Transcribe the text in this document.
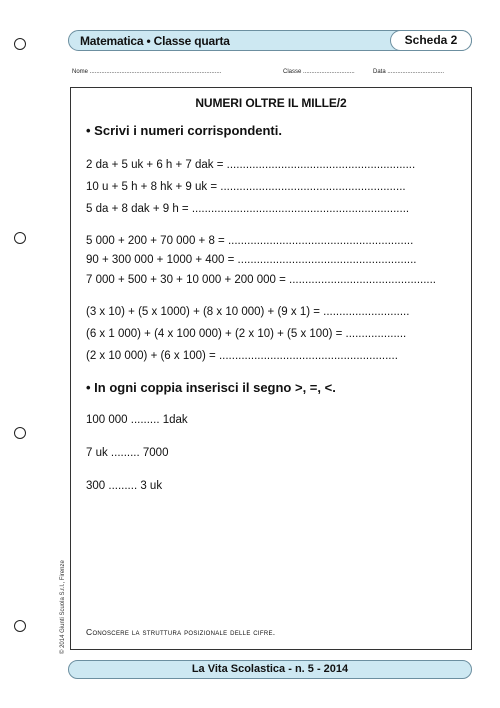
Matematica • Classe quarta	Scheda 2
Nome ...............................................................................	Classe ...............................	Data ..................................
NUMERI OLTRE IL MILLE/2
• Scrivi i numeri corrispondenti.
2 da + 5 uk + 6 h + 7 dak = ...........................................................
10 u + 5 h + 8 hk + 9 uk = ..........................................................
5 da + 8 dak + 9 h = ....................................................................
5 000 + 200 + 70 000 + 8 = ..........................................................
90 + 300 000 + 1000 + 400 = ........................................................
7 000 + 500 + 30 + 10 000 + 200 000 = ..............................................
(3 x 10) + (5 x 1000) + (8 x 10 000) + (9 x 1) = ...........................
(6 x 1 000) + (4 x 100 000) + (2 x 10) + (5 x 100) = ...................
(2 x 10 000) + (6 x 100) = ........................................................
• In ogni coppia inserisci il segno >, =, <.
100 000 ......... 1dak
7 uk ......... 7000
300 ......... 3 uk
Conoscere la struttura posizionale delle cifre.
© 2014 Giunti Scuola S.r.l., Firenze
La Vita Scolastica - n. 5 - 2014
